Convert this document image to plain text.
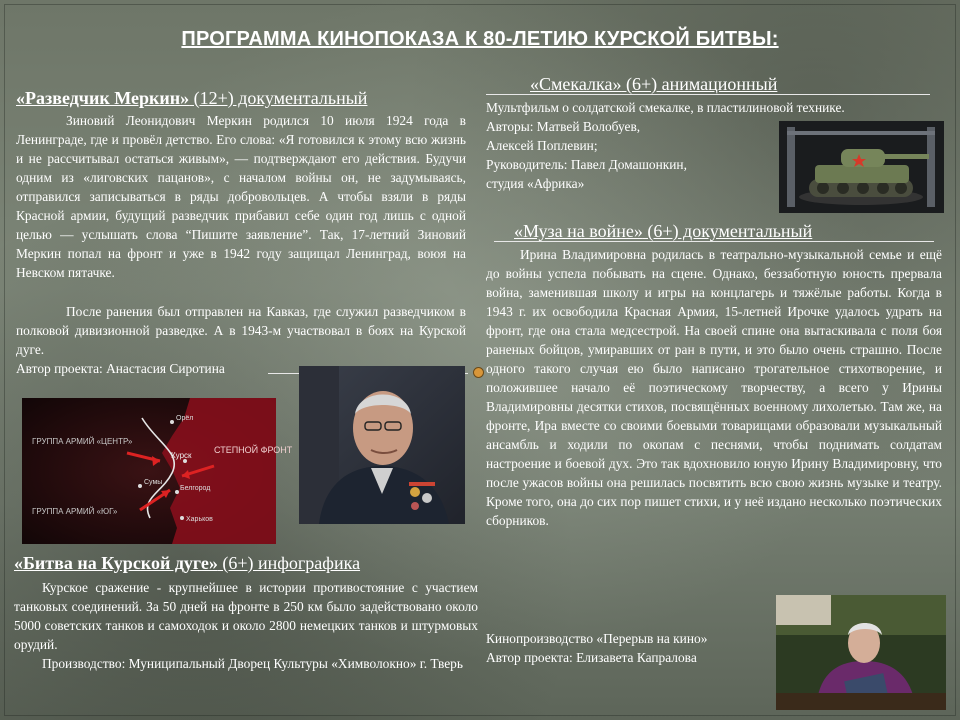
ПРОГРАММА КИНОПОКАЗА К 80-ЛЕТИЮ КУРСКОЙ БИТВЫ:
«Разведчик Меркин» (12+) документальный

Зиновий Леонидович Меркин родился 10 июля 1924 года в Ленинграде, где и провёл детство. Его слова: «Я готовился к этому всю жизнь и не рассчитывал остаться живым», — подтверждают его действия. Будучи одним из «лиговских пацанов», с началом войны он, не задумываясь, отправился записываться в ряды добровольцев. А чтобы взяли в ряды Красной армии, будущий разведчик прибавил себе один год лишь с одной целью — услышать слова “Пишите заявление”. Так, 17-летний Зиновий Меркин попал на фронт и уже в 1942 году защищал Ленинград, воюя на Невском пятачке.

После ранения был отправлен на Кавказ, где служил разведчиком в полковой дивизионной разведке. А в 1943-м участвовал в боях на Курской дуге.

Автор проекта: Анастасия Сиротина

ГРУППА АРМИЙ «ЦЕНТР»
ГРУППА АРМИЙ «ЮГ»
СТЕПНОЙ ФРОНТ
Орёл
Курск
Сумы
Белгород
Харьков
«Битва на Курской дуге» (6+) инфографика

Курское сражение - крупнейшее в истории противостояние с участием танковых соединений. За 50 дней на фронте в 250 км было задействовано около 5000 советских танков и самоходок и около 2800 немецких танков и штурмовых орудий.

Производство: Муниципальный Дворец Культуры «Химволокно» г. Тверь

«Смекалка» (6+) анимационный

Мультфильм о солдатской смекалке, в пластилиновой технике.

Авторы: Матвей Волобуев,

Алексей Поплевин;

Руководитель: Павел Домашонкин,

студия «Африка»

«Муза на войне» (6+) документальный

Ирина Владимировна родилась в театрально-музыкальной семье и ещё до войны успела побывать на сцене. Однако, беззаботную юность прервала война, заменившая школу и игры на концлагерь и тяжёлые работы. Когда в 1943 г. их освободила Красная Армия, 15-летней Ирочке удалось удрать на фронт, где она стала медсестрой. На своей спине она вытаскивала с поля боя раненых бойцов, умиравших от ран в пути, и это было очень страшно. После одного такого случая ею было написано трогательное стихотворение, и положившее начало её поэтическому творчеству, а всего у Ирины Владимировны десятки стихов, посвящённых военному лихолетью. Там же, на фронте, Ира вместе со своими боевыми товарищами образовали музыкальный ансамбль и ходили по окопам с песнями, чтобы поднимать солдатам настроение и боевой дух. Это так вдохновило юную Ирину Владимировну, что после ужасов войны она решилась посвятить всю свою жизнь музыке и театру. Кроме того, она до сих пор пишет стихи, и у неё издано несколько поэтических сборников.

Кинопроизводство «Перерыв на кино»

Автор проекта: Елизавета Капралова
